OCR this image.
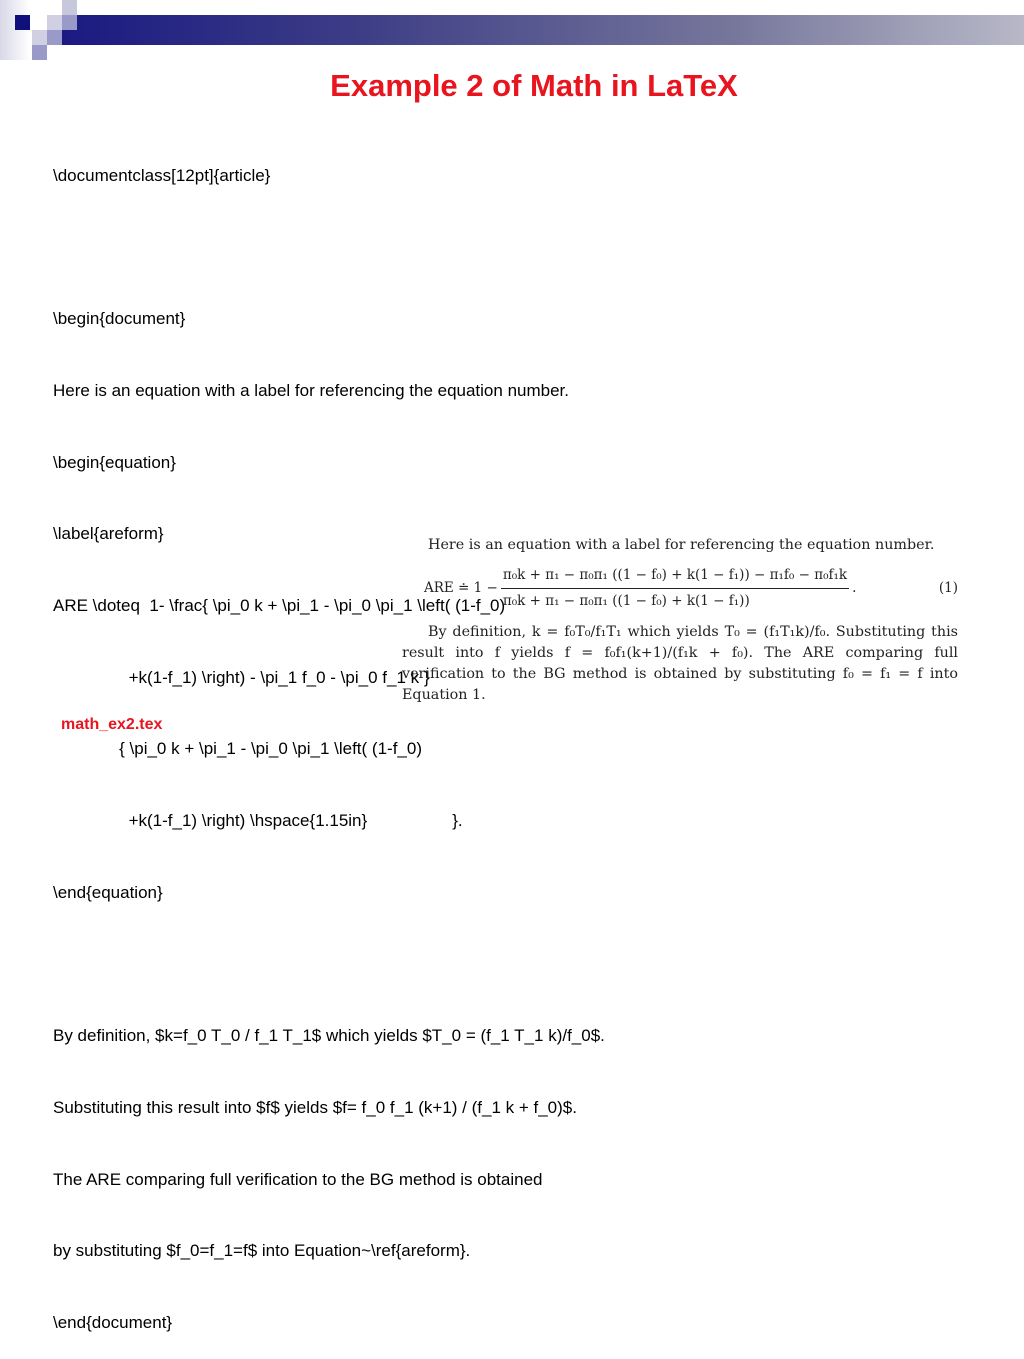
Example 2 of Math in LaTeX

\documentclass[12pt]{article}

\begin{document}

Here is an equation with a label for referencing the equation number.

\begin{equation}

\label{areform}

ARE \doteq  1- \frac{ \pi_0 k + \pi_1 - \pi_0 \pi_1 \left( (1-f_0)

+k(1-f_1) \right) - \pi_1 f_0 - \pi_0 f_1 k }

{ \pi_0 k + \pi_1 - \pi_0 \pi_1 \left( (1-f_0)

+k(1-f_1) \right) \hspace{1.15in}                  }.

\end{equation}

By definition, $k=f_0 T_0 / f_1 T_1$ which yields $T_0 = (f_1 T_1 k)/f_0$.

Substituting this result into $f$ yields $f= f_0 f_1 (k+1) / (f_1 k + f_0)$.

The ARE comparing full verification to the BG method is obtained

by substituting $f_0=f_1=f$ into Equation~\ref{areform}.

\end{document}

Here is an equation with a label for referencing the equation number.

ARE ≐ $1 - \frac{\text{π₀k + π₁ − π₀π₁ ((1 − f₀) + k(1 − f₁)) − π₁f₀ − π₀f₁k}}{\text{π₀k + π₁ − π₀π₁ ((1 − f₀) + k(1 − f₁))}}$ .	(1)

By definition, k = f₀T₀/f₁T₁ which yields T₀ = (f₁T₁k)/f₀. Substituting this result into f yields f = f₀f₁(k+1)/(f₁k + f₀). The ARE comparing full verification to the BG method is obtained by substituting f₀ = f₁ = f into Equation 1.

math_ex2.tex
